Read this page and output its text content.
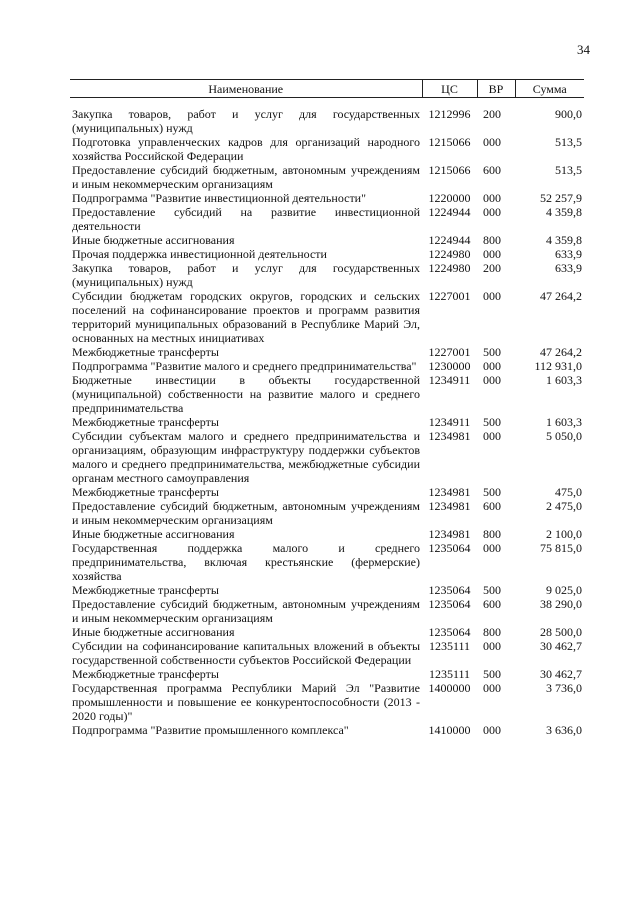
34
Наименование	ЦС	ВР	Сумма
Закупка товаров, работ и услуг для государственных (муниципальных) нужд	1212996	200	900,0
Подготовка управленческих кадров для организаций народного хозяйства Российской Федерации	1215066	000	513,5
Предоставление субсидий бюджетным, автономным учреждениям и иным некоммерческим организациям	1215066	600	513,5
Подпрограмма "Развитие инвестиционной деятельности"	1220000	000	52 257,9
Предоставление субсидий на развитие инвестиционной деятельности	1224944	000	4 359,8
Иные бюджетные ассигнования	1224944	800	4 359,8
Прочая поддержка инвестиционной деятельности	1224980	000	633,9
Закупка товаров, работ и услуг для государственных (муниципальных) нужд	1224980	200	633,9
Субсидии бюджетам городских округов, городских и сельских поселений на софинансирование проектов и программ развития территорий муниципальных образований в Республике Марий Эл, основанных на местных инициативах	1227001	000	47 264,2
Межбюджетные трансферты	1227001	500	47 264,2
Подпрограмма "Развитие малого и среднего предпринимательства"	1230000	000	112 931,0
Бюджетные инвестиции в объекты государственной (муниципальной) собственности на развитие малого и среднего предпринимательства	1234911	000	1 603,3
Межбюджетные трансферты	1234911	500	1 603,3
Субсидии субъектам малого и среднего предпринимательства и организациям, образующим инфраструктуру поддержки субъектов малого и среднего предпринимательства, межбюджетные субсидии органам местного самоуправления	1234981	000	5 050,0
Межбюджетные трансферты	1234981	500	475,0
Предоставление субсидий бюджетным, автономным учреждениям и иным некоммерческим организациям	1234981	600	2 475,0
Иные бюджетные ассигнования	1234981	800	2 100,0
Государственная поддержка малого и среднего предпринимательства, включая крестьянские (фермерские) хозяйства	1235064	000	75 815,0
Межбюджетные трансферты	1235064	500	9 025,0
Предоставление субсидий бюджетным, автономным учреждениям и иным некоммерческим организациям	1235064	600	38 290,0
Иные бюджетные ассигнования	1235064	800	28 500,0
Субсидии на софинансирование капитальных вложений в объекты государственной собственности субъектов Российской Федерации	1235111	000	30 462,7
Межбюджетные трансферты	1235111	500	30 462,7
Государственная программа Республики Марий Эл "Развитие промышленности и повышение ее конкурентоспособности (2013 - 2020 годы)"	1400000	000	3 736,0
Подпрограмма "Развитие промышленного комплекса"	1410000	000	3 636,0
